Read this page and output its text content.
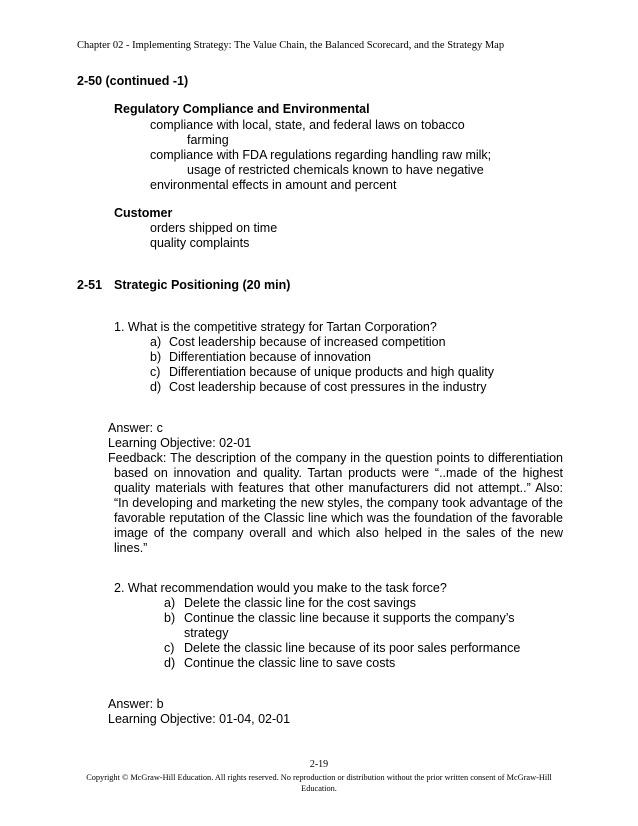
Chapter 02 - Implementing Strategy: The Value Chain, the Balanced Scorecard, and the Strategy Map
2-50 (continued -1)
Regulatory Compliance and Environmental
compliance with local, state, and federal laws on tobacco
farming
compliance with FDA regulations regarding handling raw milk;
usage of restricted chemicals known to have negative
environmental effects in amount and percent
Customer
orders shipped on time
quality complaints
2-51 Strategic Positioning (20 min)
1. What is the competitive strategy for Tartan Corporation?
a) Cost leadership because of increased competition
b) Differentiation because of innovation
c) Differentiation because of unique products and high quality
d) Cost leadership because of cost pressures in the industry
Answer: c
Learning Objective: 02-01
Feedback: The description of the company in the question points to differentiation
based on innovation and quality. Tartan products were “..made of the highest
quality materials with features that other manufacturers did not attempt..” Also:
“In developing and marketing the new styles, the company took advantage of the
favorable reputation of the Classic line which was the foundation of the favorable
image of the company overall and which also helped in the sales of the new
lines.”
2. What recommendation would you make to the task force?
a) Delete the classic line for the cost savings
b) Continue the classic line because it supports the company’s
strategy
c) Delete the classic line because of its poor sales performance
d) Continue the classic line to save costs
Answer: b
Learning Objective: 01-04, 02-01
2-19
Copyright © McGraw-Hill Education. All rights reserved. No reproduction or distribution without the prior written consent of McGraw-Hill Education.
